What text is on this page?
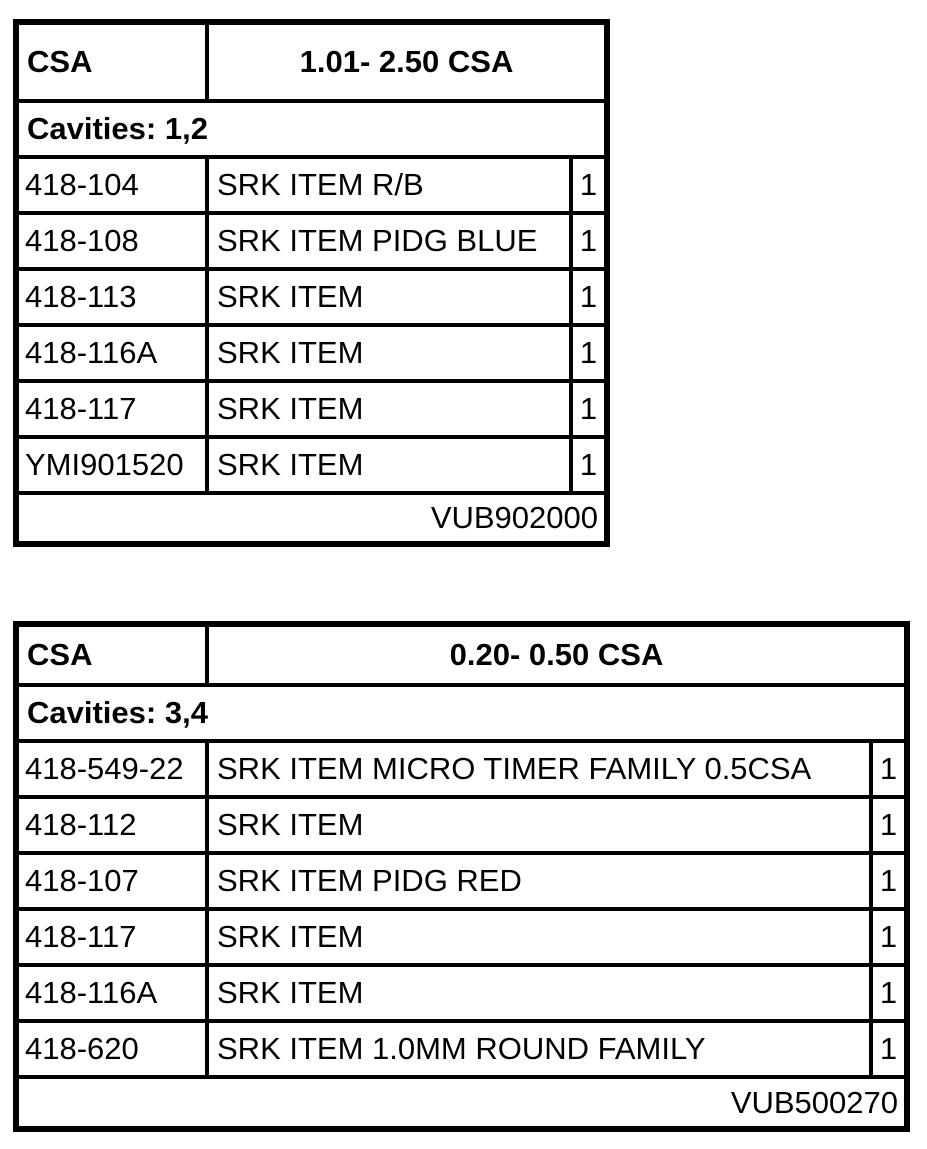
CSA	1.01- 2.50 CSA
Cavities: 1,2
418-104	SRK ITEM R/B	1
418-108	SRK ITEM PIDG BLUE	1
418-113	SRK ITEM	1
418-116A	SRK ITEM	1
418-117	SRK ITEM	1
YMI901520	SRK ITEM	1
VUB902000
CSA	0.20- 0.50 CSA
Cavities: 3,4
418-549-22	SRK ITEM MICRO TIMER FAMILY 0.5CSA	1
418-112	SRK ITEM	1
418-107	SRK ITEM PIDG RED	1
418-117	SRK ITEM	1
418-116A	SRK ITEM	1
418-620	SRK ITEM 1.0MM ROUND FAMILY	1
VUB500270
